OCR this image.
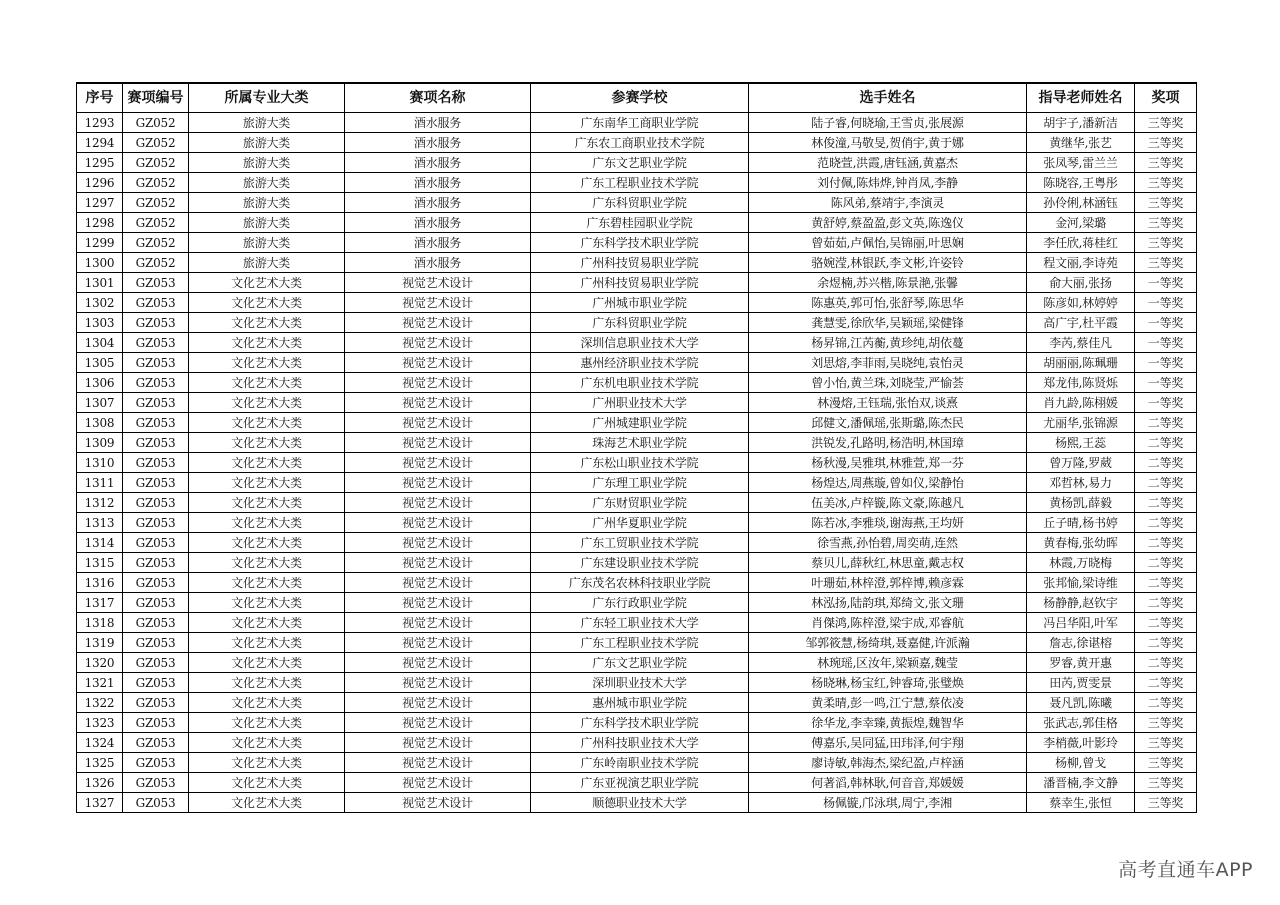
序号	赛项编号	所属专业大类	赛项名称	参赛学校	选手姓名	指导老师姓名	奖项
1293	GZ052	旅游大类	酒水服务	广东南华工商职业学院	陆子睿,何晓瑜,王雪贞,张展源	胡宇子,潘新洁	三等奖
1294	GZ052	旅游大类	酒水服务	广东农工商职业技术学院	林俊潼,马敬旻,贺俏宇,黄于娜	黄继华,张艺	三等奖
1295	GZ052	旅游大类	酒水服务	广东文艺职业学院	范晓萱,洪霞,唐钰涵,黄嘉杰	张凤琴,雷兰兰	三等奖
1296	GZ052	旅游大类	酒水服务	广东工程职业技术学院	刘付佩,陈炜烨,钟肖凤,李静	陈晓容,王粤彤	三等奖
1297	GZ052	旅游大类	酒水服务	广东科贸职业学院	陈风弟,蔡靖宇,李演灵	孙伶俐,林涵钰	三等奖
1298	GZ052	旅游大类	酒水服务	广东碧桂园职业学院	黄舒婷,蔡盈盈,彭文英,陈逸仪	金河,梁璐	三等奖
1299	GZ052	旅游大类	酒水服务	广东科学技术职业学院	曾茹茹,卢佩怡,吴锦丽,叶思娴	李任欣,蒋桂红	三等奖
1300	GZ052	旅游大类	酒水服务	广州科技贸易职业学院	骆婉滢,林银跃,李文彬,许姿铃	程文丽,李诗苑	三等奖
1301	GZ053	文化艺术大类	视觉艺术设计	广州科技贸易职业学院	余煜楠,苏兴楷,陈景滟,张馨	俞大丽,张扬	一等奖
1302	GZ053	文化艺术大类	视觉艺术设计	广州城市职业学院	陈惠英,郭可怡,张舒琴,陈思华	陈彦如,林婷婷	一等奖
1303	GZ053	文化艺术大类	视觉艺术设计	广东科贸职业学院	龚慧雯,徐欣华,吴颖瑶,梁健锋	高广宇,杜平霞	一等奖
1304	GZ053	文化艺术大类	视觉艺术设计	深圳信息职业技术大学	杨昇锦,江芮蘅,黄珍纯,胡依蔓	李芮,蔡佳凡	一等奖
1305	GZ053	文化艺术大类	视觉艺术设计	惠州经济职业技术学院	刘思熔,李菲雨,吴晓纯,袁怡灵	胡丽丽,陈珮珊	一等奖
1306	GZ053	文化艺术大类	视觉艺术设计	广东机电职业技术学院	曾小怡,黄兰珠,刘晓莹,严愉荟	郑龙伟,陈贤烁	一等奖
1307	GZ053	文化艺术大类	视觉艺术设计	广州职业技术大学	林漫熔,王钰瑞,张怡双,谈熹	肖九龄,陈栩媛	一等奖
1308	GZ053	文化艺术大类	视觉艺术设计	广州城建职业学院	邱健文,潘佩瑶,张斯璐,陈杰民	尤丽华,张锦源	二等奖
1309	GZ053	文化艺术大类	视觉艺术设计	珠海艺术职业学院	洪锐发,孔路明,杨浩明,林国璋	杨熙,王蕊	二等奖
1310	GZ053	文化艺术大类	视觉艺术设计	广东松山职业技术学院	杨秋漫,吴雅琪,林雅萱,郑一芬	曾万隆,罗葳	二等奖
1311	GZ053	文化艺术大类	视觉艺术设计	广东理工职业学院	杨煌达,周燕璇,曾如仪,梁静怡	邓哲林,易力	二等奖
1312	GZ053	文化艺术大类	视觉艺术设计	广东财贸职业学院	伍美冰,卢梓镟,陈文豪,陈越凡	黄杨凯,薛毅	二等奖
1313	GZ053	文化艺术大类	视觉艺术设计	广州华夏职业学院	陈若冰,李雅琰,谢海燕,王均妍	丘子晴,杨书婷	二等奖
1314	GZ053	文化艺术大类	视觉艺术设计	广东工贸职业技术学院	徐雪燕,孙怡碧,周奕萌,连然	黄春梅,张幼晖	二等奖
1315	GZ053	文化艺术大类	视觉艺术设计	广东建设职业技术学院	蔡贝儿,薛秋红,林思童,戴志权	林霞,万晓梅	二等奖
1316	GZ053	文化艺术大类	视觉艺术设计	广东茂名农林科技职业学院	叶珊茹,林梓澄,郭梓博,赖彦霖	张邦愉,梁诗维	二等奖
1317	GZ053	文化艺术大类	视觉艺术设计	广东行政职业学院	林泓扬,陆韵琪,郑绮文,张文珊	杨静静,赵钦宇	二等奖
1318	GZ053	文化艺术大类	视觉艺术设计	广东轻工职业技术大学	肖傑鸿,陈梓澄,梁宇成,邓睿航	冯吕华阳,叶军	二等奖
1319	GZ053	文化艺术大类	视觉艺术设计	广东工程职业技术学院	邹郭筱慧,杨绮琪,聂嘉健,许派瀚	詹志,徐谌榕	二等奖
1320	GZ053	文化艺术大类	视觉艺术设计	广东文艺职业学院	林琬瑶,区汝年,梁颖嘉,魏莹	罗睿,黄开惠	二等奖
1321	GZ053	文化艺术大类	视觉艺术设计	深圳职业技术大学	杨晓琳,杨宝红,钟睿琦,张璧焕	田芮,贾雯景	二等奖
1322	GZ053	文化艺术大类	视觉艺术设计	惠州城市职业学院	黄柔晴,彭一鸣,江宁慧,蔡依凌	聂凡凯,陈曦	二等奖
1323	GZ053	文化艺术大类	视觉艺术设计	广东科学技术职业学院	徐华龙,李幸臻,黄振煌,魏智华	张武志,郭佳格	三等奖
1324	GZ053	文化艺术大类	视觉艺术设计	广州科技职业技术大学	傅嘉乐,吴同猛,田玮泽,何宇翔	李梢薇,叶影玲	三等奖
1325	GZ053	文化艺术大类	视觉艺术设计	广东岭南职业技术学院	廖诗敏,韩海杰,梁纪盈,卢梓涵	杨柳,曾戈	三等奖
1326	GZ053	文化艺术大类	视觉艺术设计	广东亚视演艺职业学院	何著滔,韩林耿,何音音,郑媛媛	潘晋楠,李文静	三等奖
1327	GZ053	文化艺术大类	视觉艺术设计	顺德职业技术大学	杨佩镟,邝泳琪,周宁,李湘	蔡幸生,张恒	三等奖
高考直通车APP
